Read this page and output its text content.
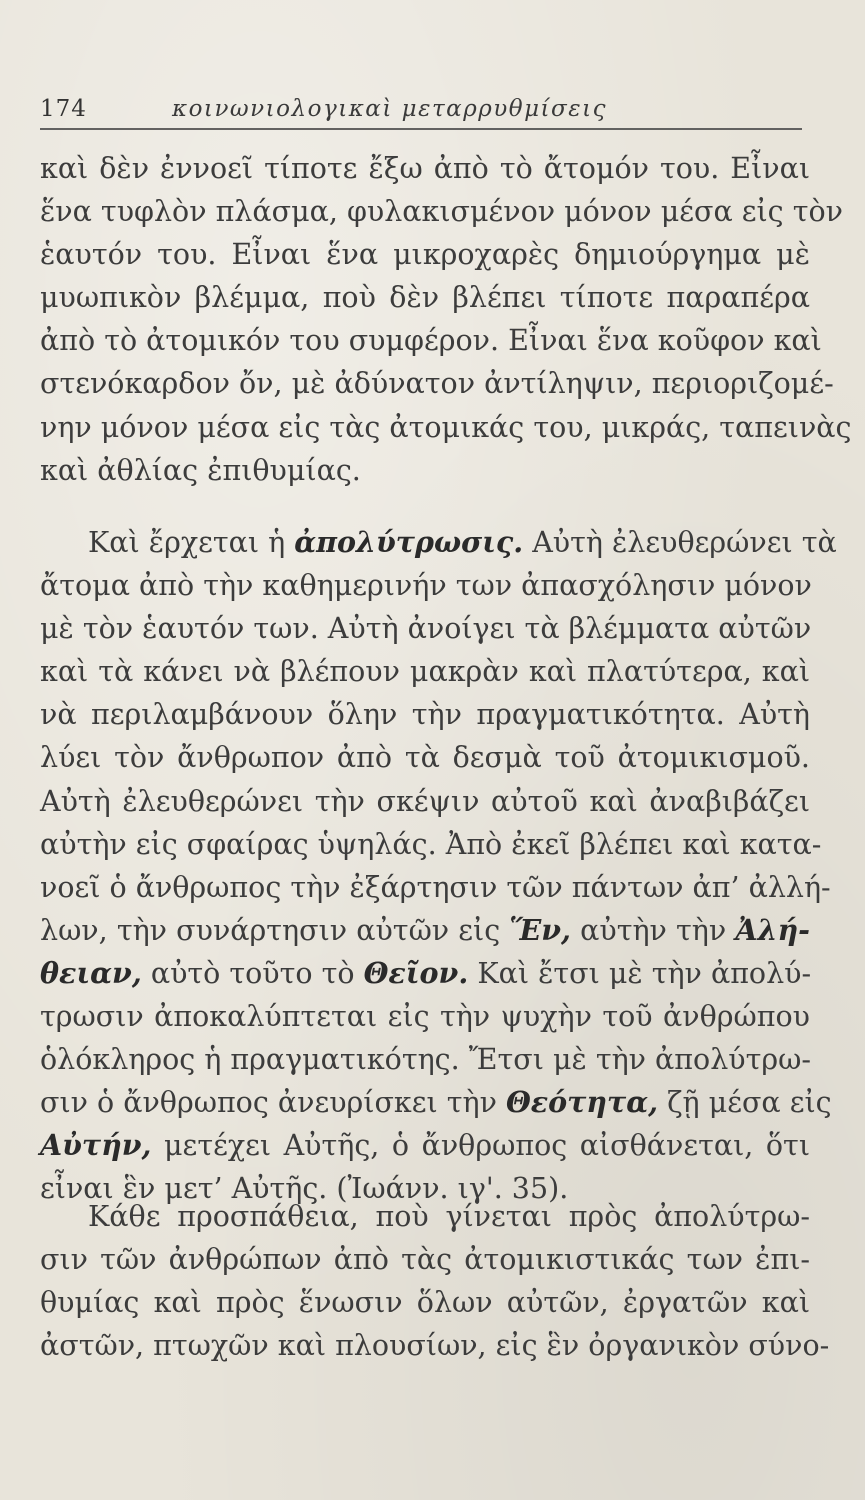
174	κοινωνιολογικαὶ μεταρρυθμίσεις
καὶ δὲν ἐννοεῖ τίποτε ἔξω ἀπὸ τὸ ἄτομόν του. Εἶναι
ἕνα τυφλὸν πλάσμα, φυλακισμένον μόνον μέσα εἰς τὸν
ἑαυτόν του. Εἶναι ἕνα μικροχαρὲς δημιούργημα μὲ
μυωπικὸν βλέμμα, ποὺ δὲν βλέπει τίποτε παραπέρα
ἀπὸ τὸ ἀτομικόν του συμφέρον. Εἶναι ἕνα κοῦφον καὶ
στενόκαρδον ὄν, μὲ ἀδύνατον ἀντίληψιν, περιοριζομέ-
νην μόνον μέσα εἰς τὰς ἀτομικάς του, μικράς, ταπεινὰς
καὶ ἀθλίας ἐπιθυμίας.
Καὶ ἔρχεται ἡ ἀπολύτρωσις. Αὐτὴ ἐλευθερώνει τὰ
ἄτομα ἀπὸ τὴν καθημερινήν των ἀπασχόλησιν μόνον
μὲ τὸν ἑαυτόν των. Αὐτὴ ἀνοίγει τὰ βλέμματα αὐτῶν
καὶ τὰ κάνει νὰ βλέπουν μακρὰν καὶ πλατύτερα, καὶ
νὰ περιλαμβάνουν ὅλην τὴν πραγματικότητα. Αὐτὴ
λύει τὸν ἄνθρωπον ἀπὸ τὰ δεσμὰ τοῦ ἀτομικισμοῦ.
Αὐτὴ ἐλευθερώνει τὴν σκέψιν αὐτοῦ καὶ ἀναβιβάζει
αὐτὴν εἰς σφαίρας ὑψηλάς. Ἀπὸ ἐκεῖ βλέπει καὶ κατα-
νοεῖ ὁ ἄνθρωπος τὴν ἐξάρτησιν τῶν πάντων ἀπ’ ἀλλή-
λων, τὴν συνάρτησιν αὐτῶν εἰς Ἕν, αὐτὴν τὴν Ἀλή-
θειαν, αὐτὸ τοῦτο τὸ Θεῖον. Καὶ ἔτσι μὲ τὴν ἀπολύ-
τρωσιν ἀποκαλύπτεται εἰς τὴν ψυχὴν τοῦ ἀνθρώπου
ὁλόκληρος ἡ πραγματικότης. Ἔτσι μὲ τὴν ἀπολύτρω-
σιν ὁ ἄνθρωπος ἀνευρίσκει τὴν Θεότητα, ζῇ μέσα εἰς
Αὐτήν, μετέχει Αὐτῆς, ὁ ἄνθρωπος αἰσθάνεται, ὅτι
εἶναι ἓν μετ’ Αὐτῆς. (Ἰωάνν. ιγ'. 35).
Κάθε προσπάθεια, ποὺ γίνεται πρὸς ἀπολύτρω-
σιν τῶν ἀνθρώπων ἀπὸ τὰς ἀτομικιστικάς των ἐπι-
θυμίας καὶ πρὸς ἕνωσιν ὅλων αὐτῶν, ἐργατῶν καὶ
ἀστῶν, πτωχῶν καὶ πλουσίων, εἰς ἓν ὀργανικὸν σύνο-
